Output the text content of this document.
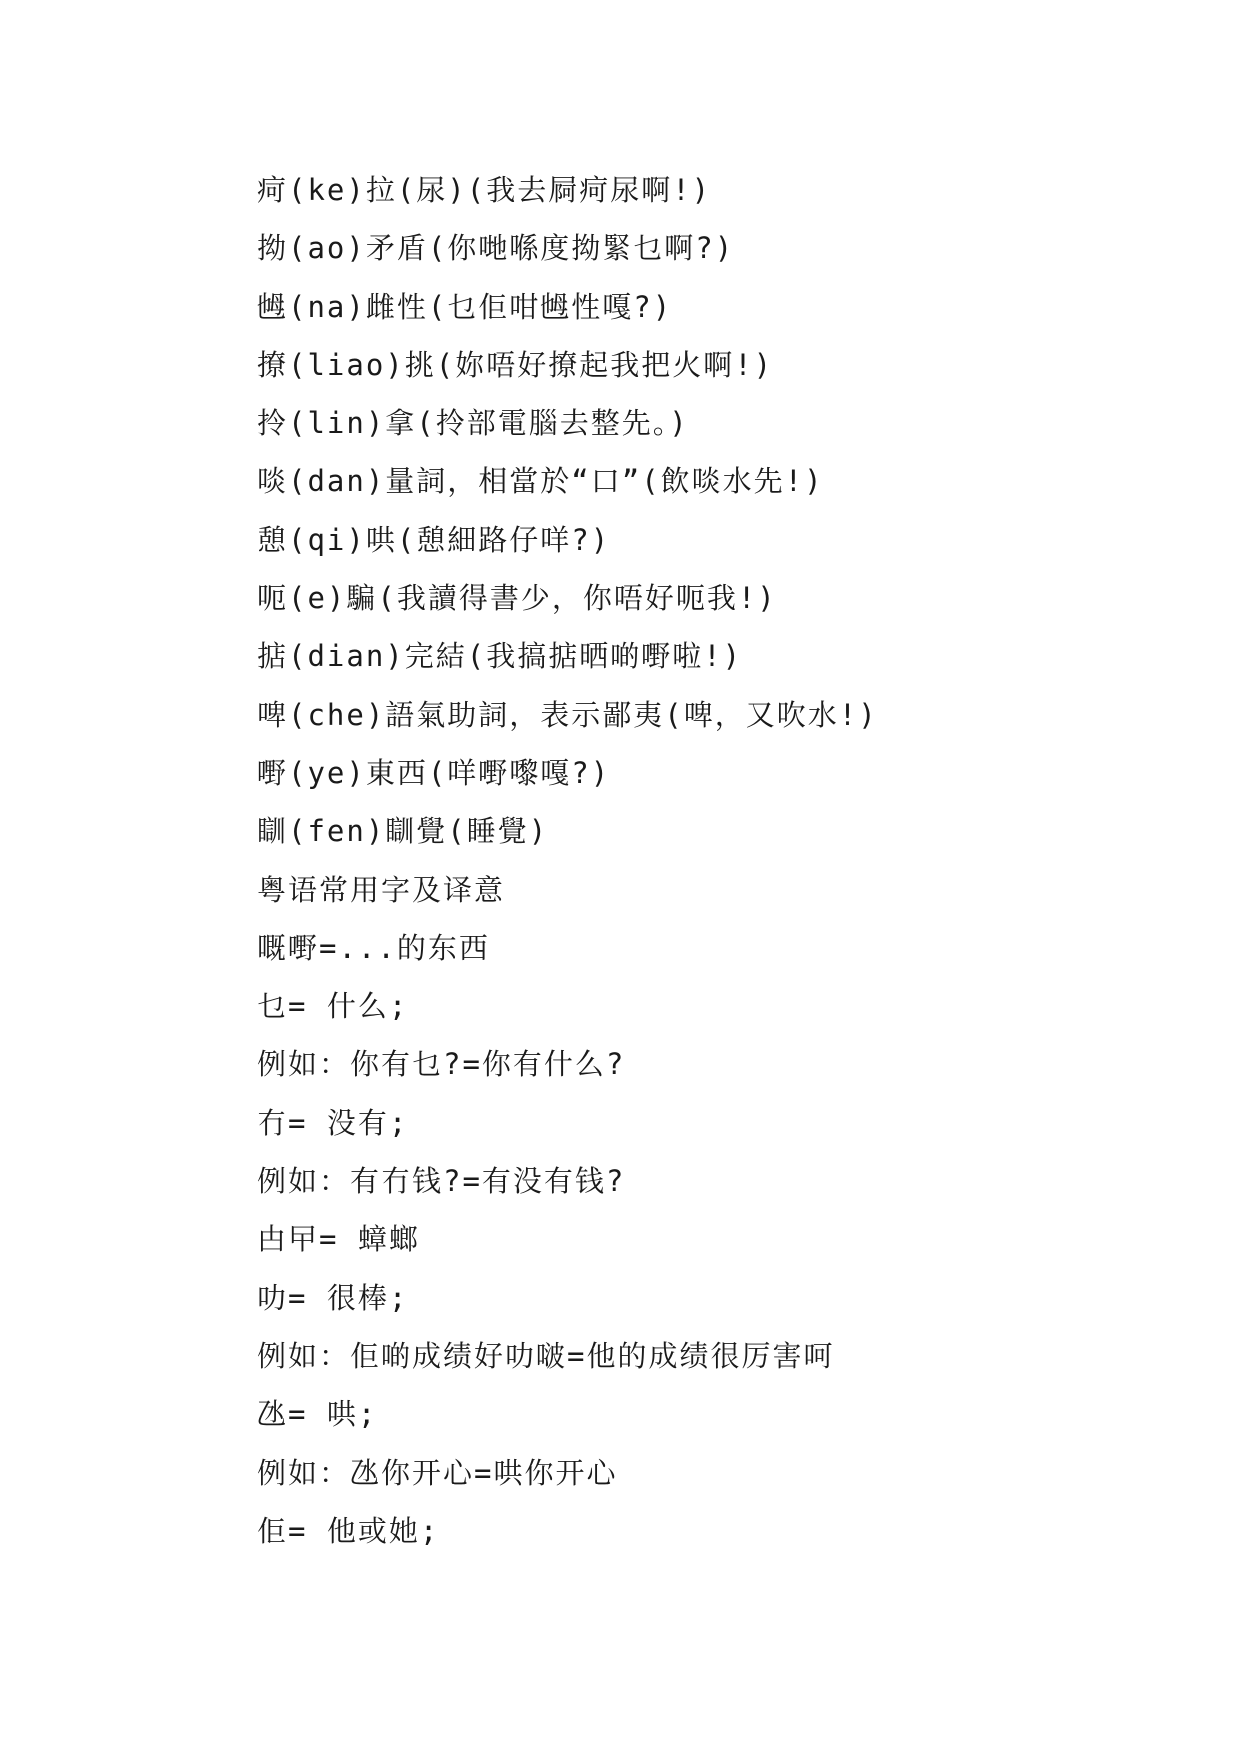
疴(ke)拉(尿)(我去屙疴尿啊!)
拗(ao)矛盾(你哋喺度拗緊乜啊?)
乸(na)雌性(乜佢咁乸性嘎?)
撩(liao)挑(妳唔好撩起我把火啊!)
拎(lin)拿(拎部電腦去整先。)
啖(dan)量詞，相當於“口”(飲啖水先!)
憩(qi)哄(憩細路仔咩?)
呃(e)騙(我讀得書少，你唔好呃我!)
掂(dian)完結(我搞掂晒啲嘢啦!)
啤(che)語氣助詞，表示鄙夷(啤，又吹水!)
嘢(ye)東西(咩嘢嚟嘎?)
瞓(fen)瞓覺(睡覺)
粤语常用字及译意
嘅嘢=...的东西
乜= 什么;
例如：你有乜?=你有什么?
冇= 没有;
例如：有冇钱?=有没有钱?
甴曱= 蟑螂
叻= 很棒;
例如：佢啲成绩好叻啵=他的成绩很厉害呵
氹= 哄;
例如：氹你开心=哄你开心
佢= 他或她;
